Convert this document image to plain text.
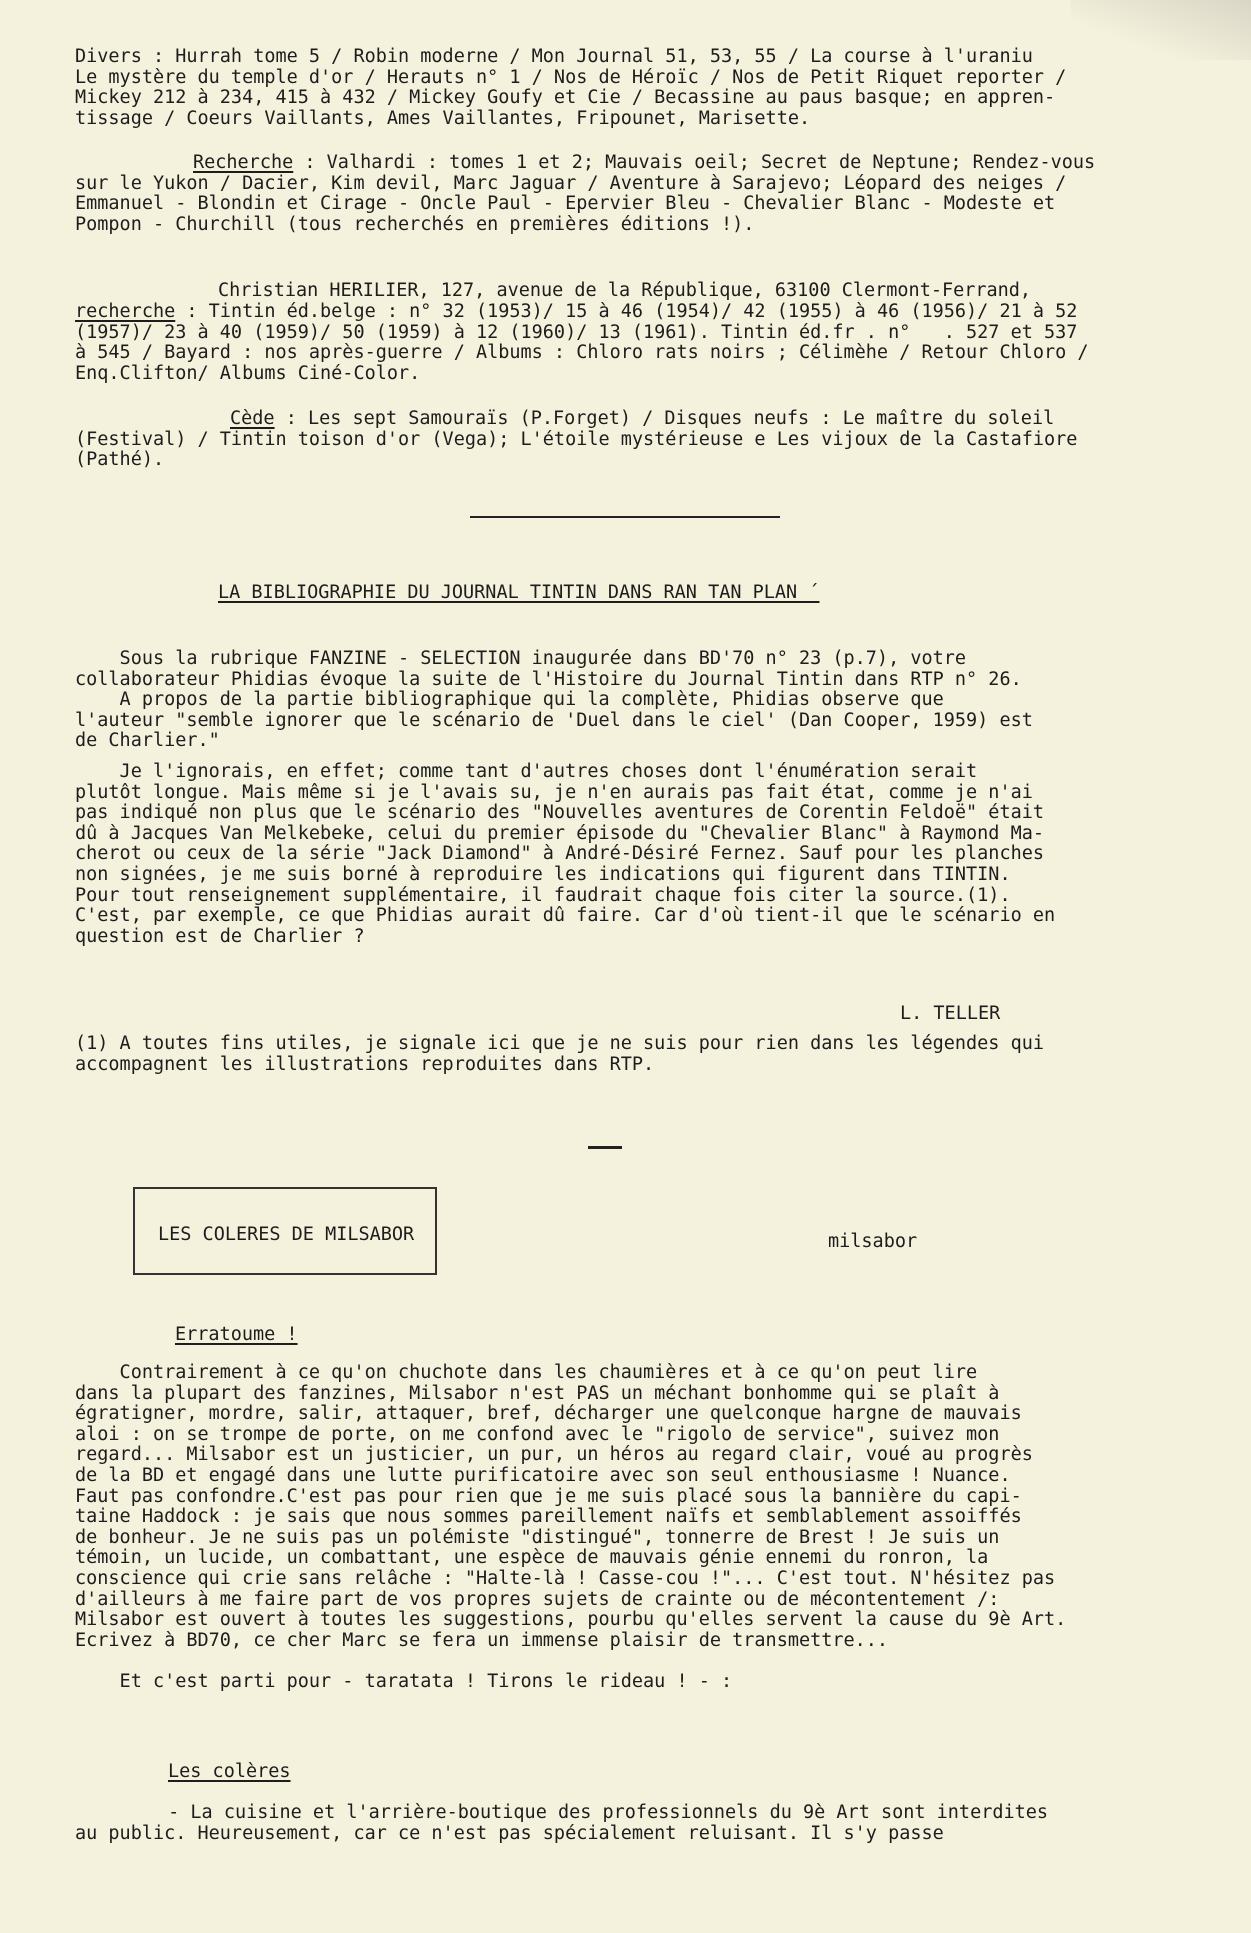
Divers : Hurrah tome 5 / Robin moderne / Mon Journal 51, 53, 55 / La course à l'uraniu
Le mystère du temple d'or / Herauts n° 1 / Nos de Héroïc / Nos de Petit Riquet reporter /
Mickey 212 à 234, 415 à 432 / Mickey Goufy et Cie / Becassine au paus basque; en appren-
tissage / Coeurs Vaillants, Ames Vaillantes, Fripounet, Marisette.
Recherche : Valhardi : tomes 1 et 2; Mauvais oeil; Secret de Neptune; Rendez-vous
sur le Yukon / Dacier, Kim devil, Marc Jaguar / Aventure à Sarajevo; Léopard des neiges /
Emmanuel - Blondin et Cirage - Oncle Paul - Epervier Bleu - Chevalier Blanc - Modeste et
Pompon - Churchill (tous recherchés en premières éditions !).
Christian HERILIER, 127, avenue de la République, 63100 Clermont-Ferrand,
recherche : Tintin éd.belge : n° 32 (1953)/ 15 à 46 (1954)/ 42 (1955) à 46 (1956)/ 21 à 52
(1957)/ 23 à 40 (1959)/ 50 (1959) à 12 (1960)/ 13 (1961). Tintin éd.fr . n°   . 527 et 537
à 545 / Bayard : nos après-guerre / Albums : Chloro rats noirs ; Célimèhe / Retour Chloro /
Enq.Clifton/ Albums Ciné-Color.
Cède : Les sept Samouraïs (P.Forget) / Disques neufs : Le maître du soleil
(Festival) / Tintin toison d'or (Vega); L'étoile mystérieuse e Les vijoux de la Castafiore
(Pathé).
LA BIBLIOGRAPHIE DU JOURNAL TINTIN DANS RAN TAN PLAN ´
Sous la rubrique FANZINE - SELECTION inaugurée dans BD'70 n° 23 (p.7), votre
collaborateur Phidias évoque la suite de l'Histoire du Journal Tintin dans RTP n° 26.
A propos de la partie bibliographique qui la complète, Phidias observe que
l'auteur "semble ignorer que le scénario de 'Duel dans le ciel' (Dan Cooper, 1959) est
de Charlier."
Je l'ignorais, en effet; comme tant d'autres choses dont l'énumération serait
plutôt longue. Mais même si je l'avais su, je n'en aurais pas fait état, comme je n'ai
pas indiqué non plus que le scénario des "Nouvelles aventures de Corentin Feldoë" était
dû à Jacques Van Melkebeke, celui du premier épisode du "Chevalier Blanc" à Raymond Ma-
cherot ou ceux de la série "Jack Diamond" à André-Désiré Fernez. Sauf pour les planches
non signées, je me suis borné à reproduire les indications qui figurent dans TINTIN.
Pour tout renseignement supplémentaire, il faudrait chaque fois citer la source.(1).
C'est, par exemple, ce que Phidias aurait dû faire. Car d'où tient-il que le scénario en
question est de Charlier ?
L. TELLER
(1) A toutes fins utiles, je signale ici que je ne suis pour rien dans les légendes qui
accompagnent les illustrations reproduites dans RTP.
LES COLERES DE MILSABOR	milsabor
Erratoume !
Contrairement à ce qu'on chuchote dans les chaumières et à ce qu'on peut lire
dans la plupart des fanzines, Milsabor n'est PAS un méchant bonhomme qui se plaît à
égratigner, mordre, salir, attaquer, bref, décharger une quelconque hargne de mauvais
aloi : on se trompe de porte, on me confond avec le "rigolo de service", suivez mon
regard... Milsabor est un justicier, un pur, un héros au regard clair, voué au progrès
de la BD et engagé dans une lutte purificatoire avec son seul enthousiasme ! Nuance.
Faut pas confondre.C'est pas pour rien que je me suis placé sous la bannière du capi-
taine Haddock : je sais que nous sommes pareillement naïfs et semblablement assoiffés
de bonheur. Je ne suis pas un polémiste "distingué", tonnerre de Brest ! Je suis un
témoin, un lucide, un combattant, une espèce de mauvais génie ennemi du ronron, la
conscience qui crie sans relâche : "Halte-là ! Casse-cou !"... C'est tout. N'hésitez pas
d'ailleurs à me faire part de vos propres sujets de crainte ou de mécontentement /:
Milsabor est ouvert à toutes les suggestions, pourbu qu'elles servent la cause du 9è Art.
Ecrivez à BD70, ce cher Marc se fera un immense plaisir de transmettre...
Et c'est parti pour - taratata ! Tirons le rideau ! - :
Les colères
- La cuisine et l'arrière-boutique des professionnels du 9è Art sont interdites
au public. Heureusement, car ce n'est pas spécialement reluisant. Il s'y passe
